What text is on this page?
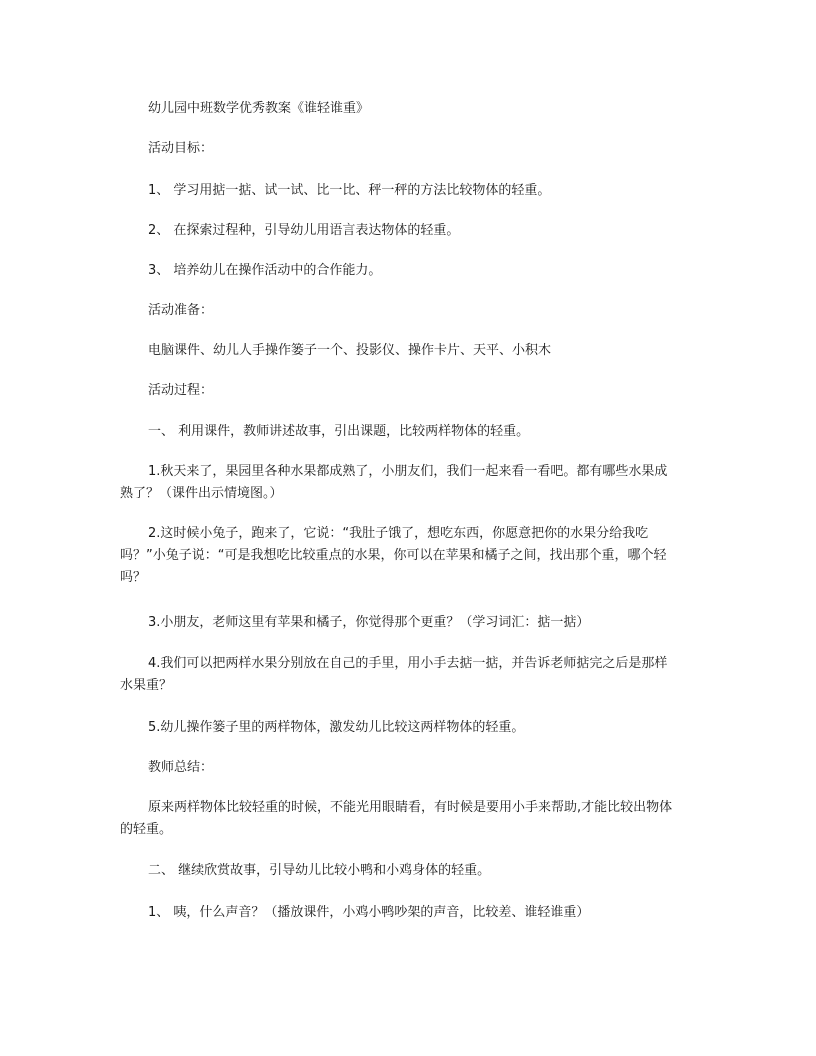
幼儿园中班数学优秀教案《谁轻谁重》
活动目标：
1、 学习用掂一掂、试一试、比一比、秤一秤的方法比较物体的轻重。
2、 在探索过程种，引导幼儿用语言表达物体的轻重。
3、 培养幼儿在操作活动中的合作能力。
活动准备：
电脑课件、幼儿人手操作篓子一个、投影仪、操作卡片、天平、小积木
活动过程：
一、 利用课件，教师讲述故事，引出课题，比较两样物体的轻重。
1.秋天来了，果园里各种水果都成熟了，小朋友们，我们一起来看一看吧。都有哪些水果成熟了？（课件出示情境图。）
2.这时候小兔子，跑来了，它说：“我肚子饿了，想吃东西，你愿意把你的水果分给我吃吗？”小兔子说：“可是我想吃比较重点的水果，你可以在苹果和橘子之间，找出那个重，哪个轻吗？
3.小朋友，老师这里有苹果和橘子，你觉得那个更重？（学习词汇：掂一掂）
4.我们可以把两样水果分别放在自己的手里，用小手去掂一掂，并告诉老师掂完之后是那样水果重？
5.幼儿操作篓子里的两样物体，激发幼儿比较这两样物体的轻重。
教师总结：
原来两样物体比较轻重的时候，不能光用眼睛看，有时候是要用小手来帮助,才能比较出物体的轻重。
二、 继续欣赏故事，引导幼儿比较小鸭和小鸡身体的轻重。
1、 咦，什么声音？（播放课件，小鸡小鸭吵架的声音，比较差、谁轻谁重）
